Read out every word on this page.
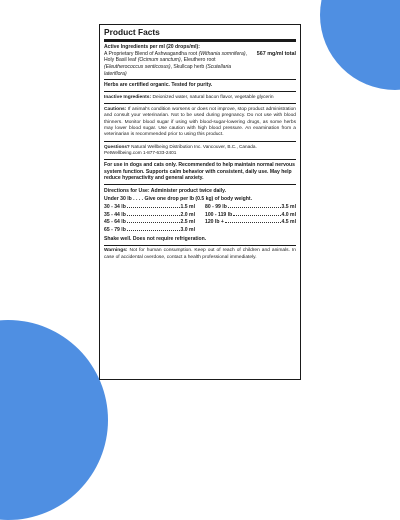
Product Facts
Active Ingredients per ml (20 drops/ml):
A Proprietary Blend of Ashwagandha root (Withania somnifera), Holy Basil leaf (Ocimum sanctum), Eleuthero root (Eleutherococcus senticosus), Skullcap herb (Scutellaria lateriflora)
567 mg/ml total
Herbs are certified organic. Tested for purity.
Inactive Ingredients: Deionized water, natural bacon flavor, vegetable glycerin
Cautions: If animal's condition worsens or does not improve, stop product administration and consult your veterinarian. Not to be used during pregnancy. Do not use with blood thinners. Monitor blood sugar if using with blood-sugar-lowering drugs, as some herbs may lower blood sugar. Use caution with high blood pressure. An examination from a veterinarian is recommended prior to using this product.
Questions? Natural Wellbeing Distribution Inc. Vancouver, B.C., Canada.
PetWellbeing.com 1-877-633-2401
For use in dogs and cats only. Recommended to help maintain normal nervous system function. Supports calm behavior with consistent, daily use. May help reduce hyperactivity and general anxiety.
Directions for Use: Administer product twice daily.
Under 30 lb . . . . Give one drop per lb (0.5 kg) of body weight.
30 - 34 lb	1.5 ml
35 - 44 lb	2.0 ml
45 - 64 lb	2.5 ml
65 - 79 lb	3.0 ml
80 - 99 lb	3.5 ml
100 - 119 lb	4.0 ml
120 lb +	4.5 ml
Shake well. Does not require refrigeration.
Warnings: Not for human consumption. Keep out of reach of children and animals. In case of accidental overdose, contact a health professional immediately.
